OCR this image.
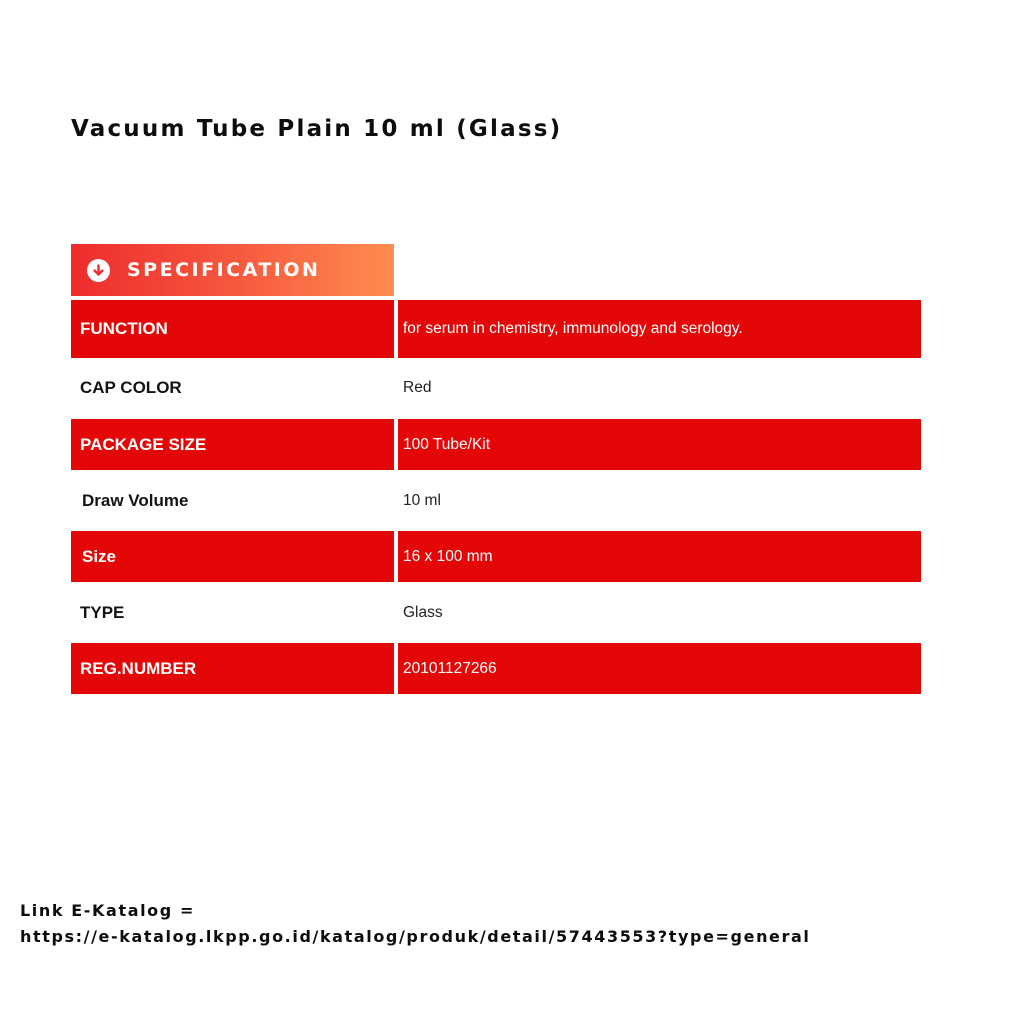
Vacuum Tube Plain 10 ml (Glass)
SPECIFICATION
FUNCTION	for serum in chemistry, immunology and serology.
CAP COLOR	Red
PACKAGE SIZE	100 Tube/Kit
Draw Volume	10 ml
Size	16 x 100 mm
TYPE	Glass
REG.NUMBER	20101127266
Link E-Katalog =
https://e-katalog.lkpp.go.id/katalog/produk/detail/57443553?type=general
